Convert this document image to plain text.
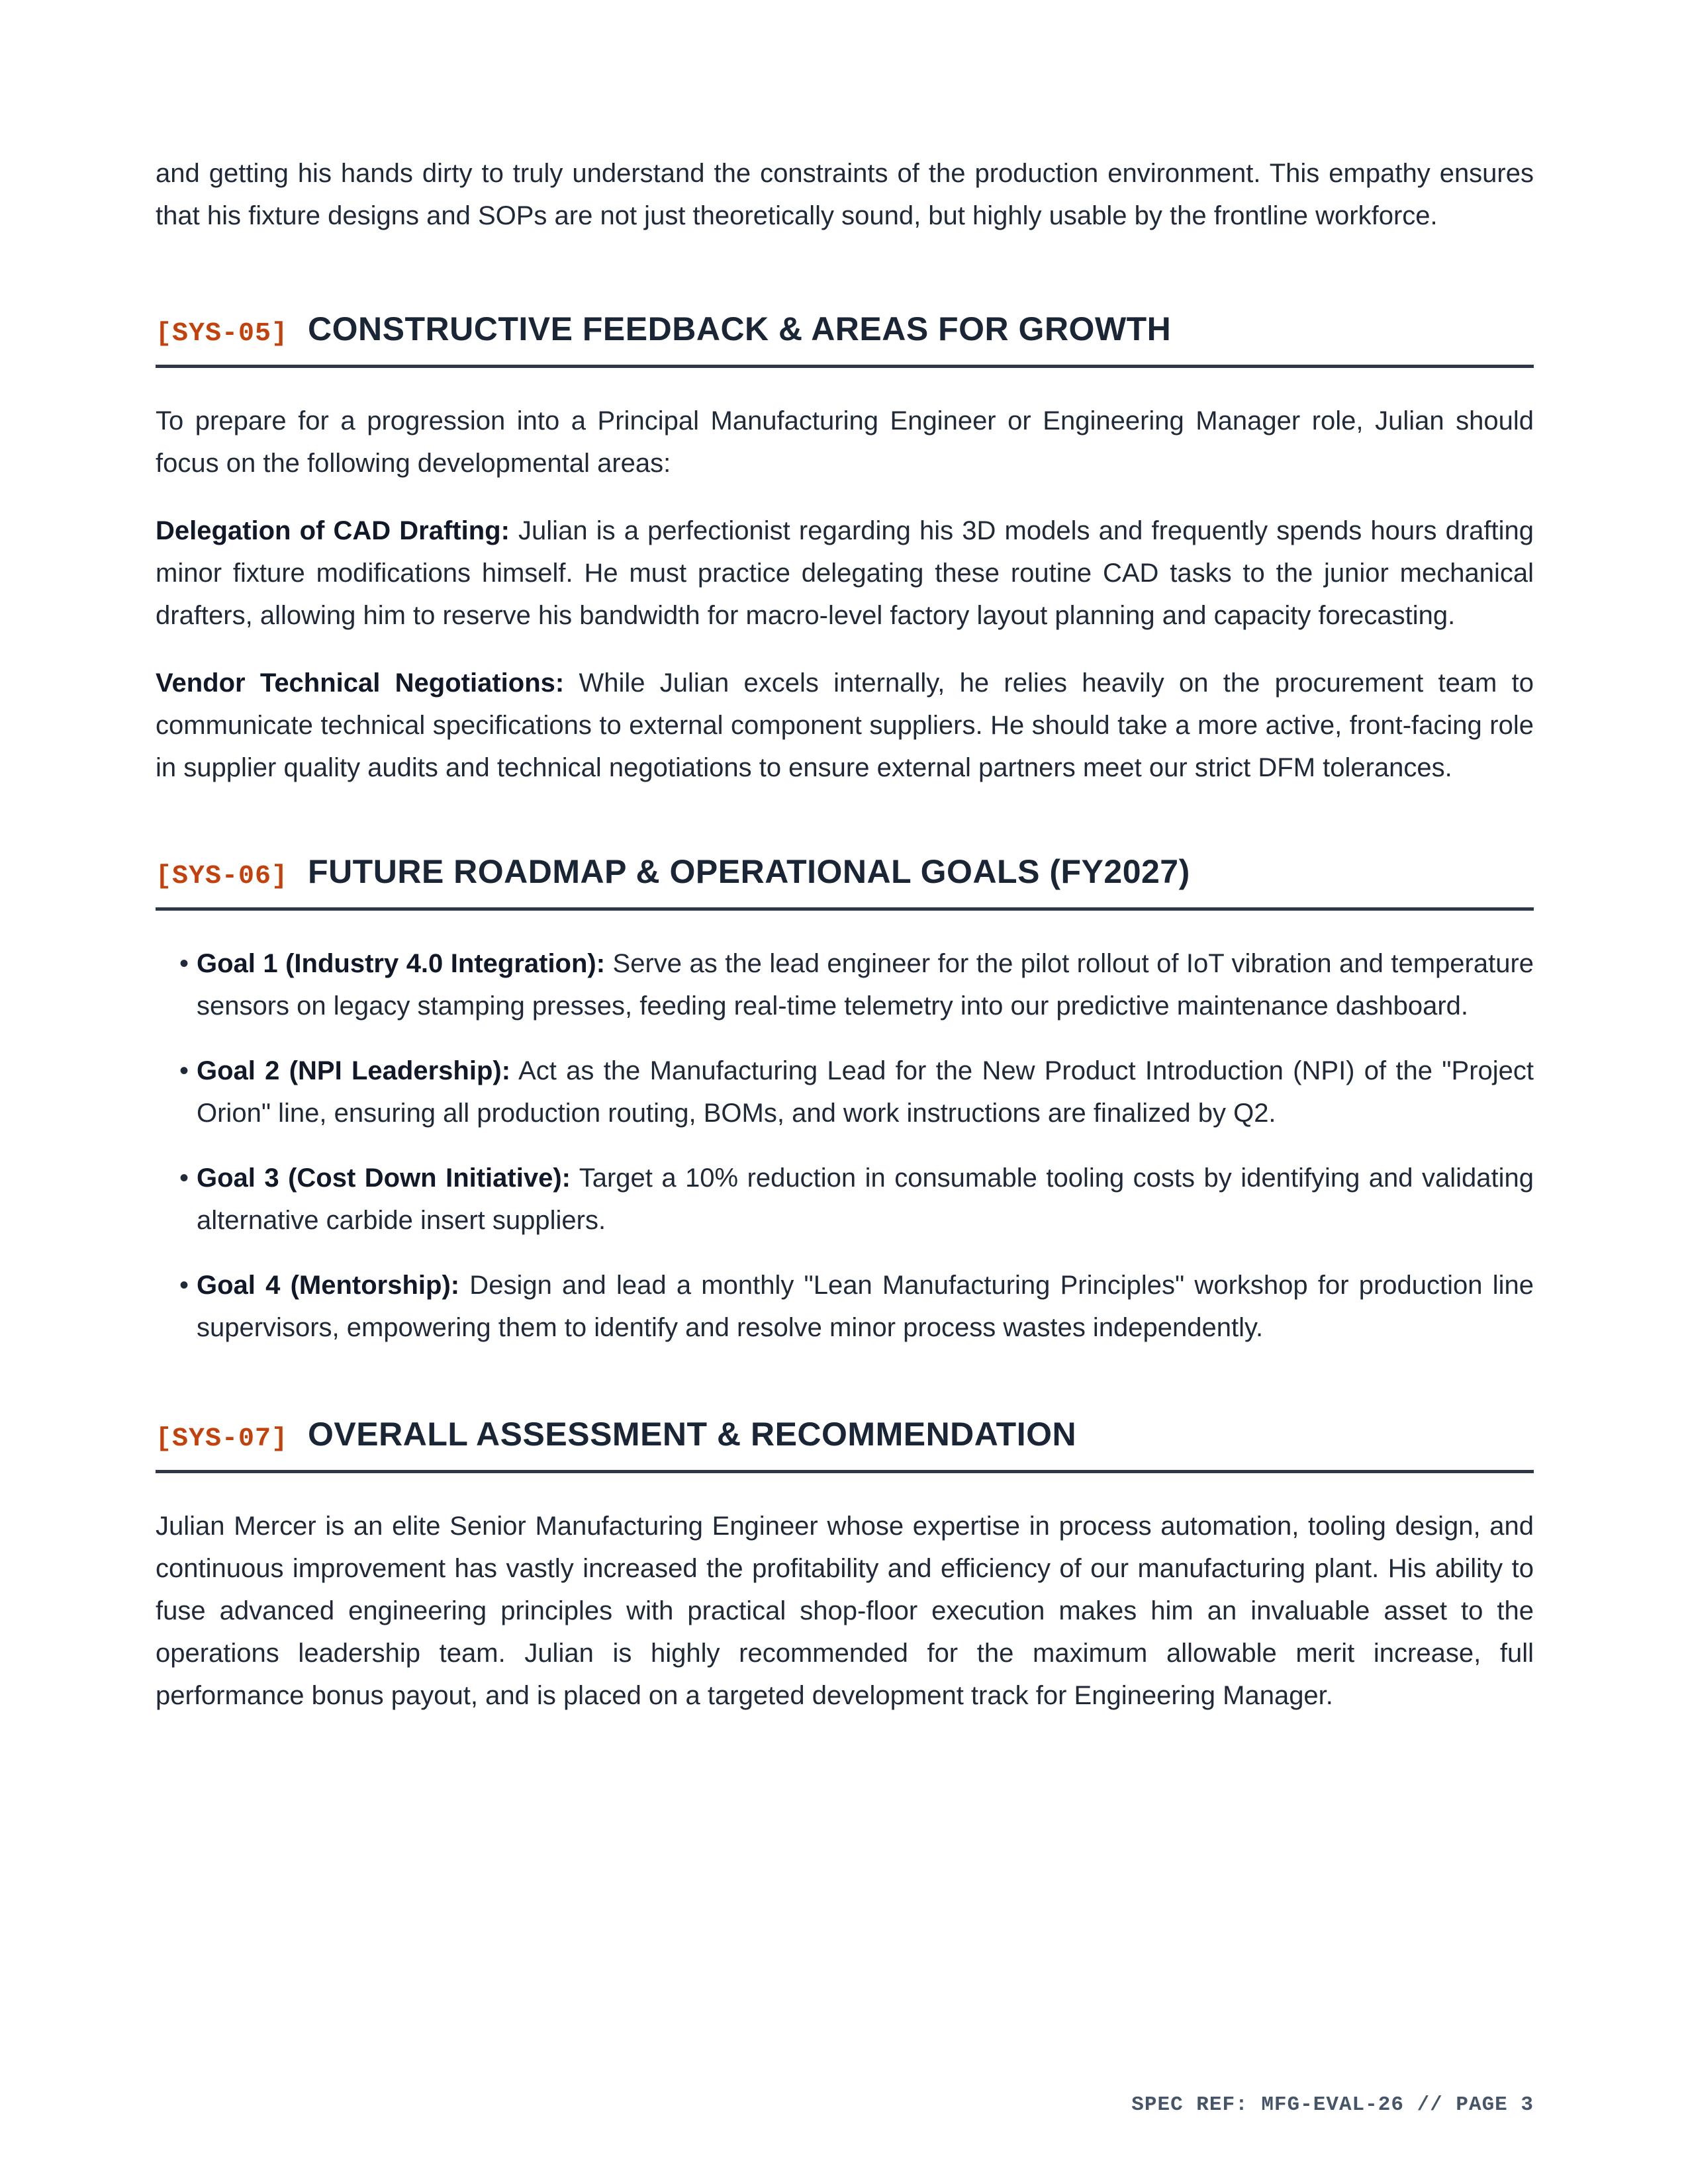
and getting his hands dirty to truly understand the constraints of the production environment. This empathy ensures that his fixture designs and SOPs are not just theoretically sound, but highly usable by the frontline workforce.

[SYS-05] CONSTRUCTIVE FEEDBACK & AREAS FOR GROWTH

To prepare for a progression into a Principal Manufacturing Engineer or Engineering Manager role, Julian should focus on the following developmental areas:

Delegation of CAD Drafting: Julian is a perfectionist regarding his 3D models and frequently spends hours drafting minor fixture modifications himself. He must practice delegating these routine CAD tasks to the junior mechanical drafters, allowing him to reserve his bandwidth for macro-level factory layout planning and capacity forecasting.

Vendor Technical Negotiations: While Julian excels internally, he relies heavily on the procurement team to communicate technical specifications to external component suppliers. He should take a more active, front-facing role in supplier quality audits and technical negotiations to ensure external partners meet our strict DFM tolerances.

[SYS-06] FUTURE ROADMAP & OPERATIONAL GOALS (FY2027)
• Goal 1 (Industry 4.0 Integration): Serve as the lead engineer for the pilot rollout of IoT vibration and temperature sensors on legacy stamping presses, feeding real-time telemetry into our predictive maintenance dashboard.
• Goal 2 (NPI Leadership): Act as the Manufacturing Lead for the New Product Introduction (NPI) of the "Project Orion" line, ensuring all production routing, BOMs, and work instructions are finalized by Q2.
• Goal 3 (Cost Down Initiative): Target a 10% reduction in consumable tooling costs by identifying and validating alternative carbide insert suppliers.
• Goal 4 (Mentorship): Design and lead a monthly "Lean Manufacturing Principles" workshop for production line supervisors, empowering them to identify and resolve minor process wastes independently.
[SYS-07] OVERALL ASSESSMENT & RECOMMENDATION

Julian Mercer is an elite Senior Manufacturing Engineer whose expertise in process automation, tooling design, and continuous improvement has vastly increased the profitability and efficiency of our manufacturing plant. His ability to fuse advanced engineering principles with practical shop-floor execution makes him an invaluable asset to the operations leadership team. Julian is highly recommended for the maximum allowable merit increase, full performance bonus payout, and is placed on a targeted development track for Engineering Manager.

SPEC REF: MFG-EVAL-26 // PAGE 3
